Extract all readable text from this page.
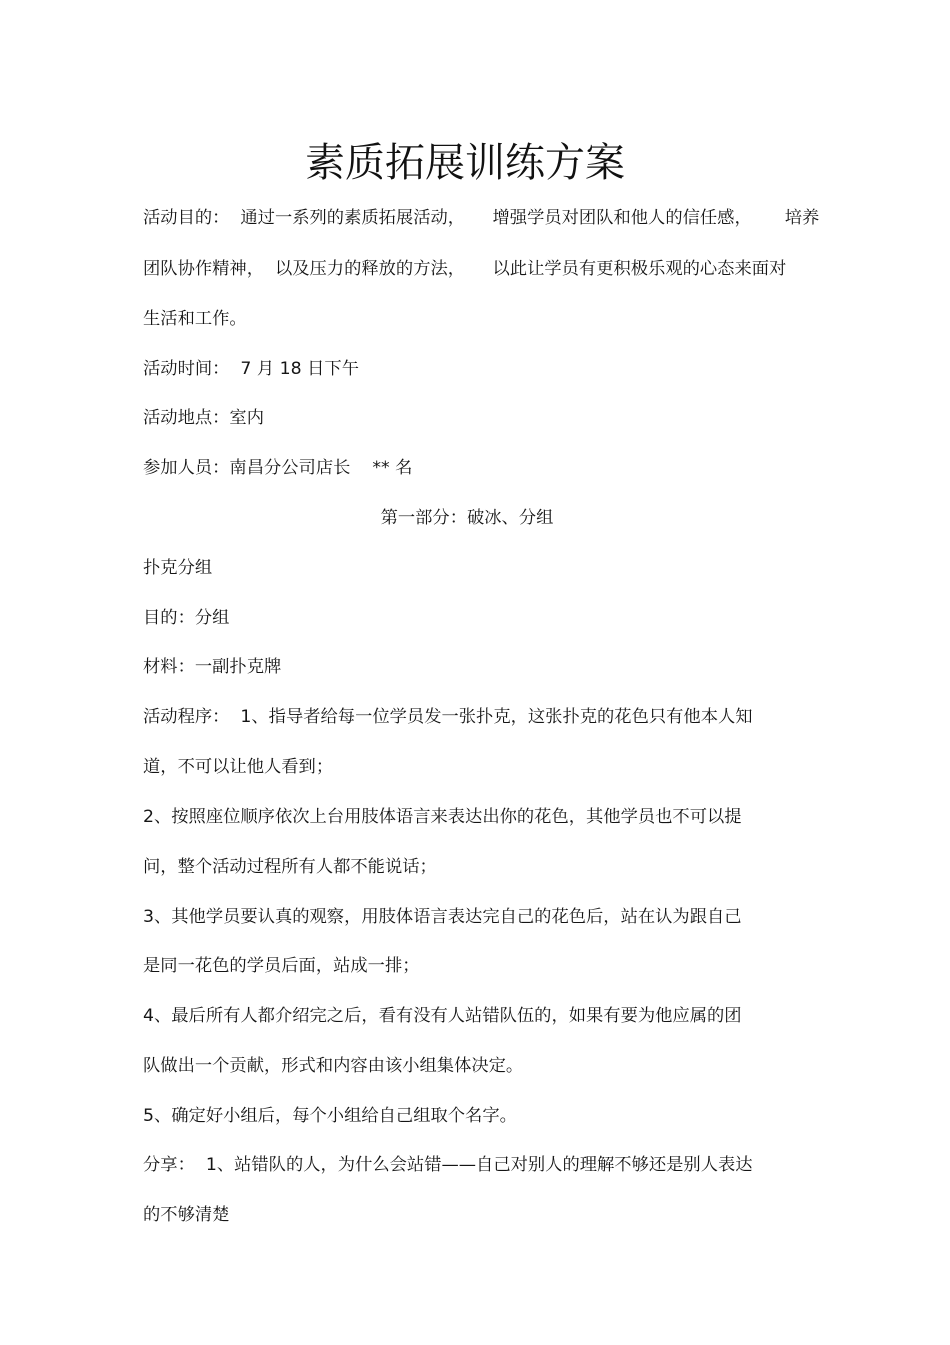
素质拓展训练方案
活动目的：  通过一系列的素质拓展活动，     增强学员对团队和他人的信任感，      培养
团队协作精神，  以及压力的释放的方法，     以此让学员有更积极乐观的心态来面对
生活和工作。
活动时间：  7 月 18 日下午
活动地点：室内
参加人员：南昌分公司店长    ** 名
第一部分：破冰、分组
扑克分组
目的：分组
材料：一副扑克牌
活动程序：  1、指导者给每一位学员发一张扑克，这张扑克的花色只有他本人知
道，不可以让他人看到；
2、按照座位顺序依次上台用肢体语言来表达出你的花色，其他学员也不可以提
问，整个活动过程所有人都不能说话；
3、其他学员要认真的观察，用肢体语言表达完自己的花色后，站在认为跟自己
是同一花色的学员后面，站成一排；
4、最后所有人都介绍完之后，看有没有人站错队伍的，如果有要为他应属的团
队做出一个贡献，形式和内容由该小组集体决定。
5、确定好小组后，每个小组给自己组取个名字。
分享：  1、站错队的人，为什么会站错——自己对别人的理解不够还是别人表达
的不够清楚
